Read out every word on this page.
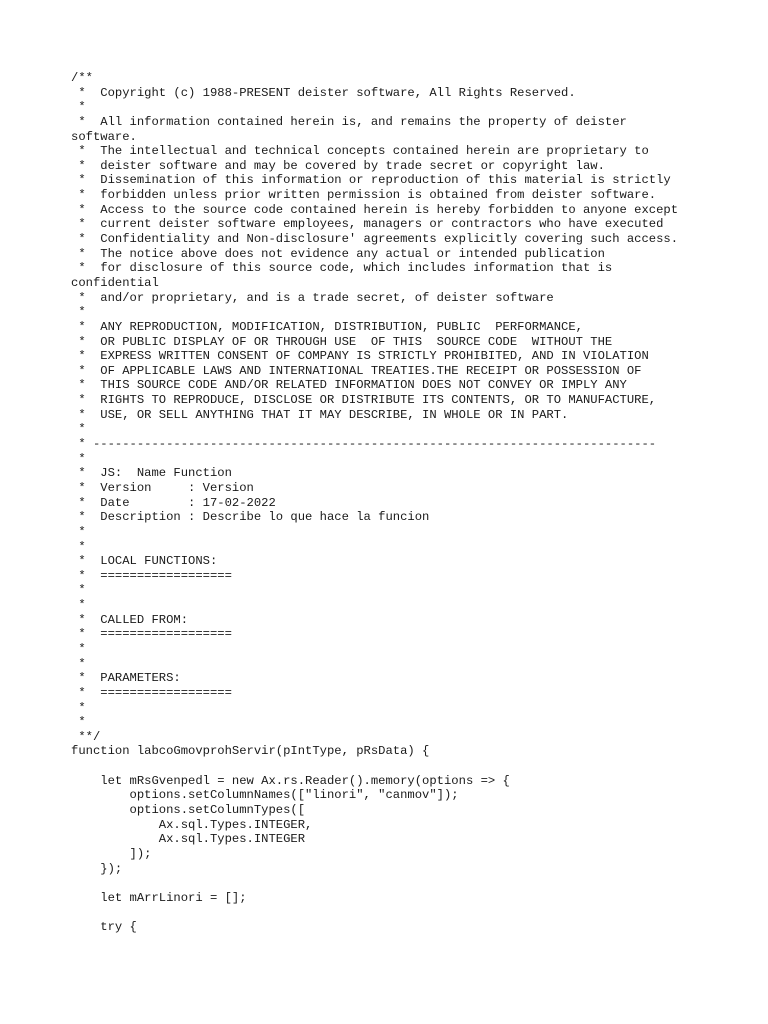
/**
*  Copyright (c) 1988-PRESENT deister software, All Rights Reserved.
*
*  All information contained herein is, and remains the property of deister
software.
*  The intellectual and technical concepts contained herein are proprietary to
*  deister software and may be covered by trade secret or copyright law.
*  Dissemination of this information or reproduction of this material is strictly
*  forbidden unless prior written permission is obtained from deister software.
*  Access to the source code contained herein is hereby forbidden to anyone except
*  current deister software employees, managers or contractors who have executed
*  Confidentiality and Non-disclosure' agreements explicitly covering such access.
*  The notice above does not evidence any actual or intended publication
*  for disclosure of this source code, which includes information that is
confidential
*  and/or proprietary, and is a trade secret, of deister software
*
*  ANY REPRODUCTION, MODIFICATION, DISTRIBUTION, PUBLIC  PERFORMANCE,
*  OR PUBLIC DISPLAY OF OR THROUGH USE  OF THIS  SOURCE CODE  WITHOUT THE
*  EXPRESS WRITTEN CONSENT OF COMPANY IS STRICTLY PROHIBITED, AND IN VIOLATION
*  OF APPLICABLE LAWS AND INTERNATIONAL TREATIES.THE RECEIPT OR POSSESSION OF
*  THIS SOURCE CODE AND/OR RELATED INFORMATION DOES NOT CONVEY OR IMPLY ANY
*  RIGHTS TO REPRODUCE, DISCLOSE OR DISTRIBUTE ITS CONTENTS, OR TO MANUFACTURE,
*  USE, OR SELL ANYTHING THAT IT MAY DESCRIBE, IN WHOLE OR IN PART.
*
* -----------------------------------------------------------------------------
*
*  JS:  Name Function
*  Version     : Version
*  Date        : 17-02-2022
*  Description : Describe lo que hace la funcion
*
*
*  LOCAL FUNCTIONS:
*  ==================
*
*
*  CALLED FROM:
*  ==================
*
*
*  PARAMETERS:
*  ==================
*
*
**/
function labcoGmovprohServir(pIntType, pRsData) {
let mRsGvenpedl = new Ax.rs.Reader().memory(options => {
options.setColumnNames(["linori", "canmov"]);
options.setColumnTypes([
Ax.sql.Types.INTEGER,
Ax.sql.Types.INTEGER
]);
});
let mArrLinori = [];
try {
